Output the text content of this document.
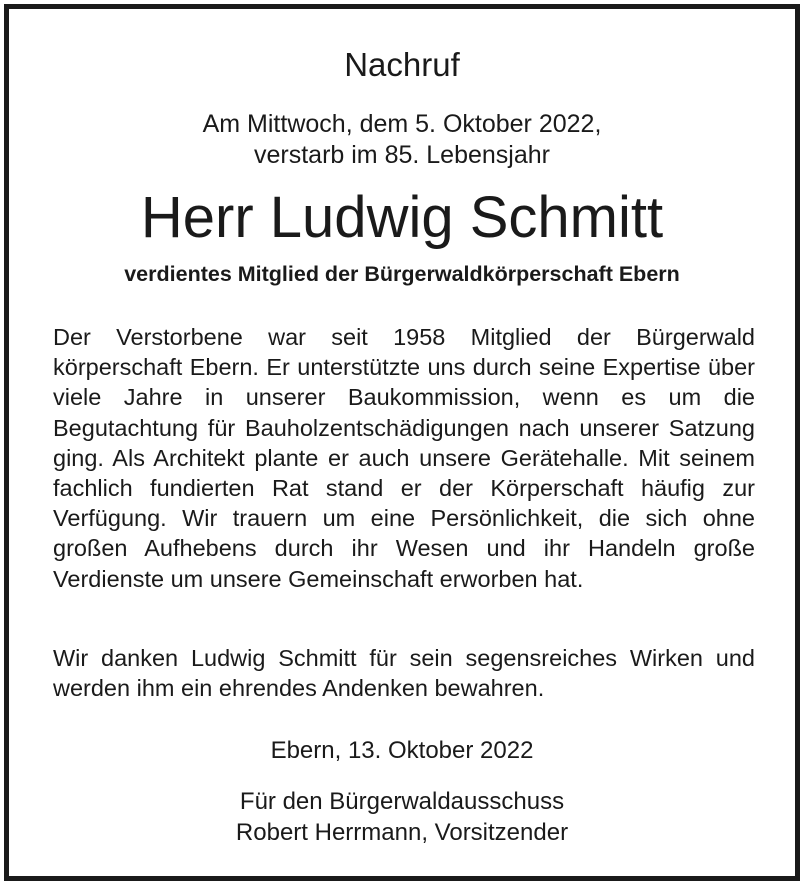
Nachruf
Am Mittwoch, dem 5. Oktober 2022,
verstarb im 85. Lebensjahr
Herr Ludwig Schmitt
verdientes Mitglied der Bürgerwaldkörperschaft Ebern
Der Verstorbene war seit 1958 Mitglied der Bürgerwald körperschaft Ebern. Er unterstützte uns durch seine Expertise über viele Jahre in unserer Baukommission, wenn es um die Begutachtung für Bauholzentschädigungen nach unserer Satzung ging. Als Architekt plante er auch unsere Gerätehalle. Mit seinem fachlich fundierten Rat stand er der Körperschaft häufig zur Verfügung. Wir trauern um eine Persönlichkeit, die sich ohne großen Aufhebens durch ihr Wesen und ihr Handeln große Verdienste um unsere Gemeinschaft erworben hat.
Wir danken Ludwig Schmitt für sein segensreiches Wirken und werden ihm ein ehrendes Andenken bewahren.
Ebern, 13. Oktober 2022
Für den Bürgerwaldausschuss
Robert Herrmann, Vorsitzender
